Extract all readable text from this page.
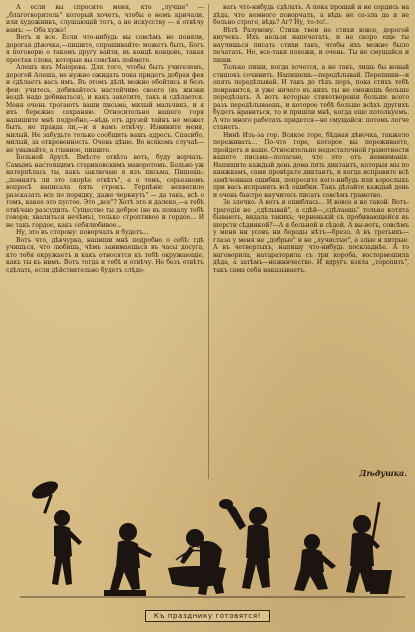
А если вы спросите меня, кто „лучше" — „благотворитель" который хочетъ, чтобы о немъ кричали, или художникъ, слушающій тотъ, а не искусству — я отвѣчу вамъ: — Оба хуже!

Вотъ и все. Если что-нибудь вы совсѣмъ не поняли, дорогая дѣвочка,—пишите, спрашивайте: можетъ быть, Богъ я поговорю о такомъ другу вайти, въ концѣ концовъ, такая простая слова, которые вы совсѣмъ поймете.

Алешъ изъ Маіорова. Для того, чтобы быть учителемъ, дорогой Алеша, не нужно ожидать пока придетъ добрая фея и сдѣлаетъ васъ имъ. Въ этомъ дѣлѣ можно обойтись и безъ феи: учитесь, добивайтесь настойчиво своего (въ жизни вездѣ надо добиваться), и какъ захотите, такъ и сдѣлается. Меня очень трогаютъ ваши письма, милый мальчикъ, и я ихъ бережно сохраняю. Относительно вашего горя напишите мнѣ подробно,—вѣдь отъ друзей тайнъ не может быть, не правда ли,—и я вамъ отвѣчу. Извините меня, милый. Не забудьте только сообщить вашъ адресъ. Спасибо, милый, за откровенность. Очень цѣню. Во всякомъ случаѣ—не унывайте, а главное, пишите.

Больной Арусѣ. Вмѣсто отвѣта вотъ, буду ворчать. Самымъ настоящимъ стариковскимъ маворотомъ. Больно уж натерпѣлась ты, какъ заключаю я изъ письма. Пишешь: „помнятъ ли это скорѣе отвѣтъ", а о томъ, серьезномъ вопросѣ написала пять строкъ. Терпѣніе нехватило разсказать все по порядку, даже черкнуть" — да такъ, всѣ о томъ, какое это пустое. Это „все"? Хотѣ это и далеко,—а тебѣ отвѣчаю разсудилъ. Существо ты доброе (не въ похвалу тебѣ говоря; хвалиться нечѣмъ), только строптивое и гордое... И не такъ гордое, какъ себялюбивое...

Ну, это въ сторону: поворчалъ и будетъ...

Вотъ что, дѣвчурка, напиши мнѣ подробно о себѣ: гдѣ учишься, что любишь, чѣмъ занимаешься въ часы досуга, кто тебя окружаетъ и какъ относятся къ тебѣ окружающіе, какъ ты къ нимъ. Вотъ тогда и тебѣ и отвѣчу. Не безъ отвѣтъ сдѣлать, если дѣйствительно будетъ слѣдо-

вать что-нибудь сдѣлать. А пока прощай и не сердись на дѣда, что немного поворчалъ, а вѣдь не со-зла да и не больно строго, вѣдь? Аг? Ну, то-то!..

Вѣтѣ Разумову. Стихи твои не стихи вовсе, дорогой внучекъ. Ихъ нельзя напечатать, и не скоро еще ты научишься писать стихи такъ, чтобы ихъ можно было печатать. Но, все-таки похожи, и очень. Ты не смущайся и пиши.

Только пиши, когда хочется, а не такъ, лишь бы новый стишокъ сочинить. Напишешь—передѣлывай. Перепиши—и опять передѣлывай. И такъ до тѣхъ поръ, пока стихъ тебѣ понравится, и уже ничего въ нихъ ты не сможешь больше передѣлать. А вотъ которые стихотворенія больше всего разъ передѣлываешь, и которое тебѣ больше всѣхъ другихъ будетъ нравиться, то и пришли мнѣ, когда еще потолкуемъ. А что много работать придется—не смущайся: потомъ легче станетъ.

Нинѣ Изъ-за гор. Всякое горе, бѣдная дѣвочка, такжело переживать... По-что горе, которое вы переживаете, пройдетъ и ваше. Относительно недостаточной грамотности вашего письма—полагаю, что это отъ невниманія. Напишите каждый день дома пять диктантъ, которыя мы по книжкамъ, сами провѣрьте диктантъ, и когда исправите всѣ замѣченныя ошибки, попросите кого-нибудь или взрослыхъ при васъ исправить всѣ ошибки. Такъ дѣлайте каждый день и очень быстро научитесь писать совсѣмъ грамотно.

Зе злочко. А вотъ и ошиблась... И вовсе я не такой. Вотъ-трагедія не „сдѣлывай", а сдѣй—„сдѣлаешь" только котята бываютъ, видала такихъ; черненькій съ пробивающейся въ шерсти сѣдинкой?—А я больной и сѣдой. А вы-вотъ, совсѣмъ у меня ни усовъ ни бороды нѣтъ—брезо. А въ третьихъ—глаза у меня не „добрые" и не „лучистые", а злые и хитрые. А въ четвертыхъ, напишу что-нибудь поскладнѣе. А то наговорила, натараторила съ три короба, востормошила дѣда, а затѣмъ—нежничество. И вдругъ взяла „торопить", такъ сама себя наказываетъ.

Дѣдушка.
Къ празднику готовятся!
